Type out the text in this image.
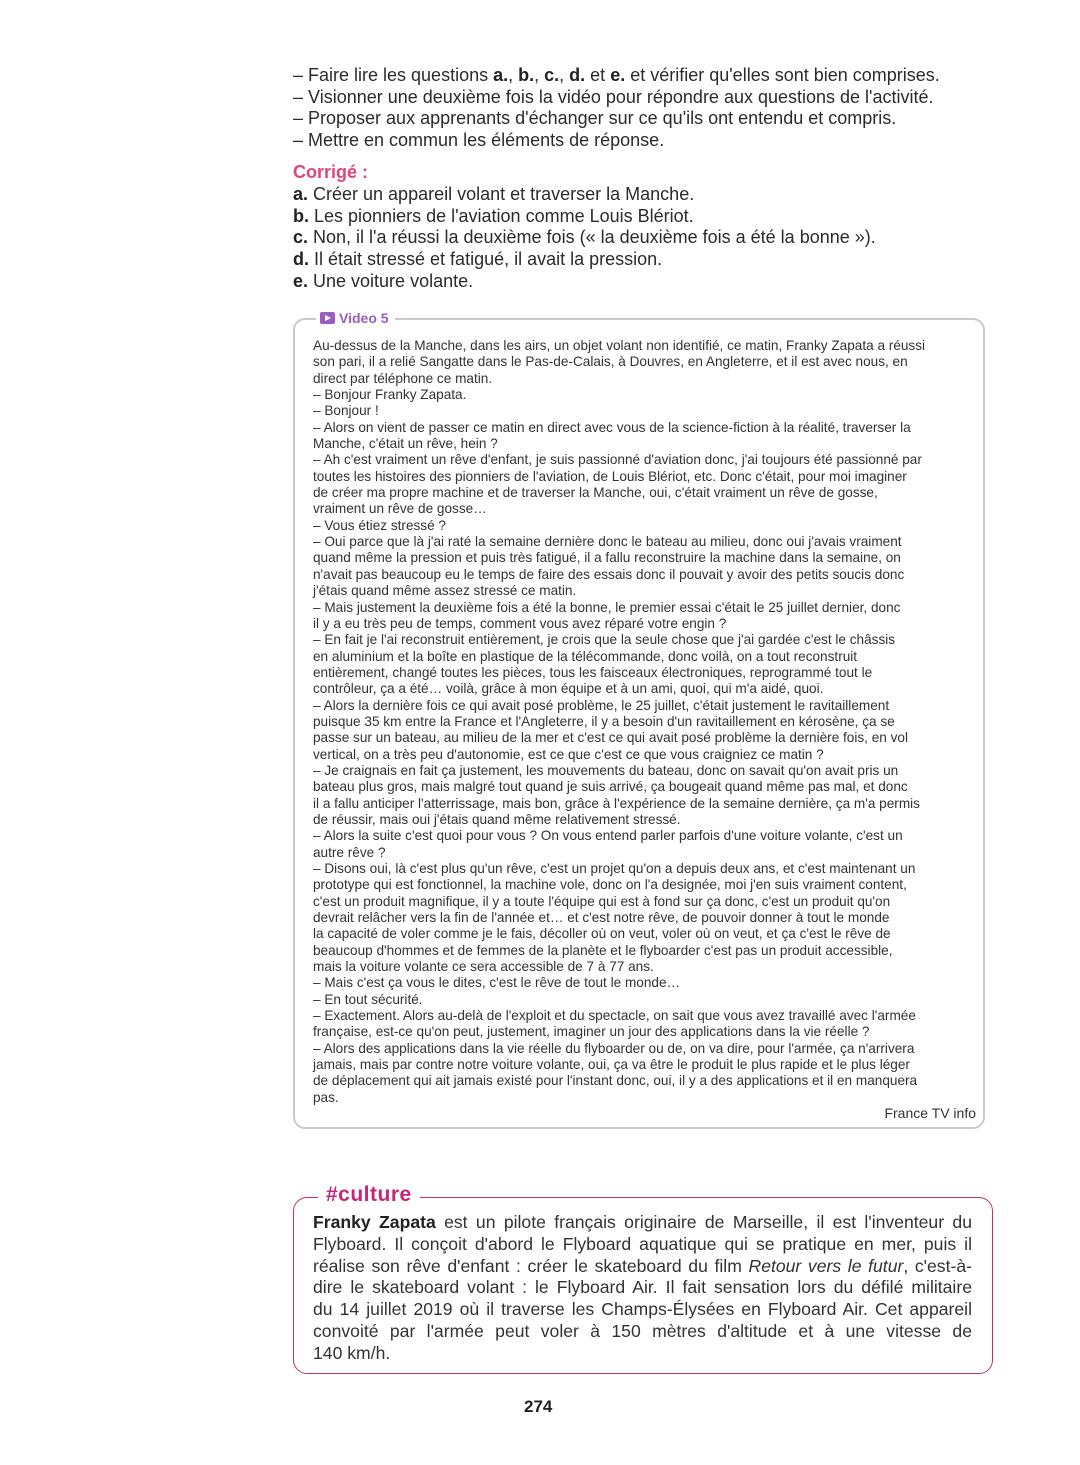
– Faire lire les questions a., b., c., d. et e. et vérifier qu'elles sont bien comprises.
– Visionner une deuxième fois la vidéo pour répondre aux questions de l'activité.
– Proposer aux apprenants d'échanger sur ce qu'ils ont entendu et compris.
– Mettre en commun les éléments de réponse.
Corrigé :
a. Créer un appareil volant et traverser la Manche.
b. Les pionniers de l'aviation comme Louis Blériot.
c. Non, il l'a réussi la deuxième fois (« la deuxième fois a été la bonne »).
d. Il était stressé et fatigué, il avait la pression.
e. Une voiture volante.
Video 5
Au-dessus de la Manche, dans les airs, un objet volant non identifié, ce matin, Franky Zapata a réussi
son pari, il a relié Sangatte dans le Pas-de-Calais, à Douvres, en Angleterre, et il est avec nous, en
direct par téléphone ce matin.
– Bonjour Franky Zapata.
– Bonjour !
– Alors on vient de passer ce matin en direct avec vous de la science-fiction à la réalité, traverser la
Manche, c'était un rêve, hein ?
– Ah c'est vraiment un rêve d'enfant, je suis passionné d'aviation donc, j'ai toujours été passionné par
toutes les histoires des pionniers de l'aviation, de Louis Blériot, etc. Donc c'était, pour moi imaginer
de créer ma propre machine et de traverser la Manche, oui, c'était vraiment un rêve de gosse,
vraiment un rêve de gosse…
– Vous étiez stressé ?
– Oui parce que là j'ai raté la semaine dernière donc le bateau au milieu, donc oui j'avais vraiment
quand même la pression et puis très fatigué, il a fallu reconstruire la machine dans la semaine, on
n'avait pas beaucoup eu le temps de faire des essais donc il pouvait y avoir des petits soucis donc
j'étais quand même assez stressé ce matin.
– Mais justement la deuxième fois a été la bonne, le premier essai c'était le 25 juillet dernier, donc
il y a eu très peu de temps, comment vous avez réparé votre engin ?
– En fait je l'ai reconstruit entièrement, je crois que la seule chose que j'ai gardée c'est le châssis
en aluminium et la boîte en plastique de la télécommande, donc voilà, on a tout reconstruit
entièrement, changé toutes les pièces, tous les faisceaux électroniques, reprogrammé tout le
contrôleur, ça a été… voilà, grâce à mon équipe et à un ami, quoi, qui m'a aidé, quoi.
– Alors la dernière fois ce qui avait posé problème, le 25 juillet, c'était justement le ravitaillement
puisque 35 km entre la France et l'Angleterre, il y a besoin d'un ravitaillement en kérosène, ça se
passe sur un bateau, au milieu de la mer et c'est ce qui avait posé problème la dernière fois, en vol
vertical, on a très peu d'autonomie, est ce que c'est ce que vous craigniez ce matin ?
– Je craignais en fait ça justement, les mouvements du bateau, donc on savait qu'on avait pris un
bateau plus gros, mais malgré tout quand je suis arrivé, ça bougeait quand même pas mal, et donc
il a fallu anticiper l'atterrissage, mais bon, grâce à l'expérience de la semaine dernière, ça m'a permis
de réussir, mais oui j'étais quand même relativement stressé.
– Alors la suite c'est quoi pour vous ? On vous entend parler parfois d'une voiture volante, c'est un
autre rêve ?
– Disons oui, là c'est plus qu'un rêve, c'est un projet qu'on a depuis deux ans, et c'est maintenant un
prototype qui est fonctionnel, la machine vole, donc on l'a designée, moi j'en suis vraiment content,
c'est un produit magnifique, il y a toute l'équipe qui est à fond sur ça donc, c'est un produit qu'on
devrait relâcher vers la fin de l'année et… et c'est notre rêve, de pouvoir donner à tout le monde
la capacité de voler comme je le fais, décoller où on veut, voler où on veut, et ça c'est le rêve de
beaucoup d'hommes et de femmes de la planète et le flyboarder c'est pas un produit accessible,
mais la voiture volante ce sera accessible de 7 à 77 ans.
– Mais c'est ça vous le dites, c'est le rêve de tout le monde…
– En tout sécurité.
– Exactement. Alors au-delà de l'exploit et du spectacle, on sait que vous avez travaillé avec l'armée
française, est-ce qu'on peut, justement, imaginer un jour des applications dans la vie réelle ?
– Alors des applications dans la vie réelle du flyboarder ou de, on va dire, pour l'armée, ça n'arrivera
jamais, mais par contre notre voiture volante, oui, ça va être le produit le plus rapide et le plus léger
de déplacement qui ait jamais existé pour l'instant donc, oui, il y a des applications et il en manquera
pas.
France TV info
#culture
Franky Zapata est un pilote français originaire de Marseille, il est l'inventeur du
Flyboard. Il conçoit d'abord le Flyboard aquatique qui se pratique en mer, puis il
réalise son rêve d'enfant : créer le skateboard du film Retour vers le futur, c'est-à-
dire le skateboard volant : le Flyboard Air. Il fait sensation lors du défilé militaire
du 14 juillet 2019 où il traverse les Champs-Élysées en Flyboard Air. Cet appareil
convoité par l'armée peut voler à 150 mètres d'altitude et à une vitesse de
140 km/h.
274
